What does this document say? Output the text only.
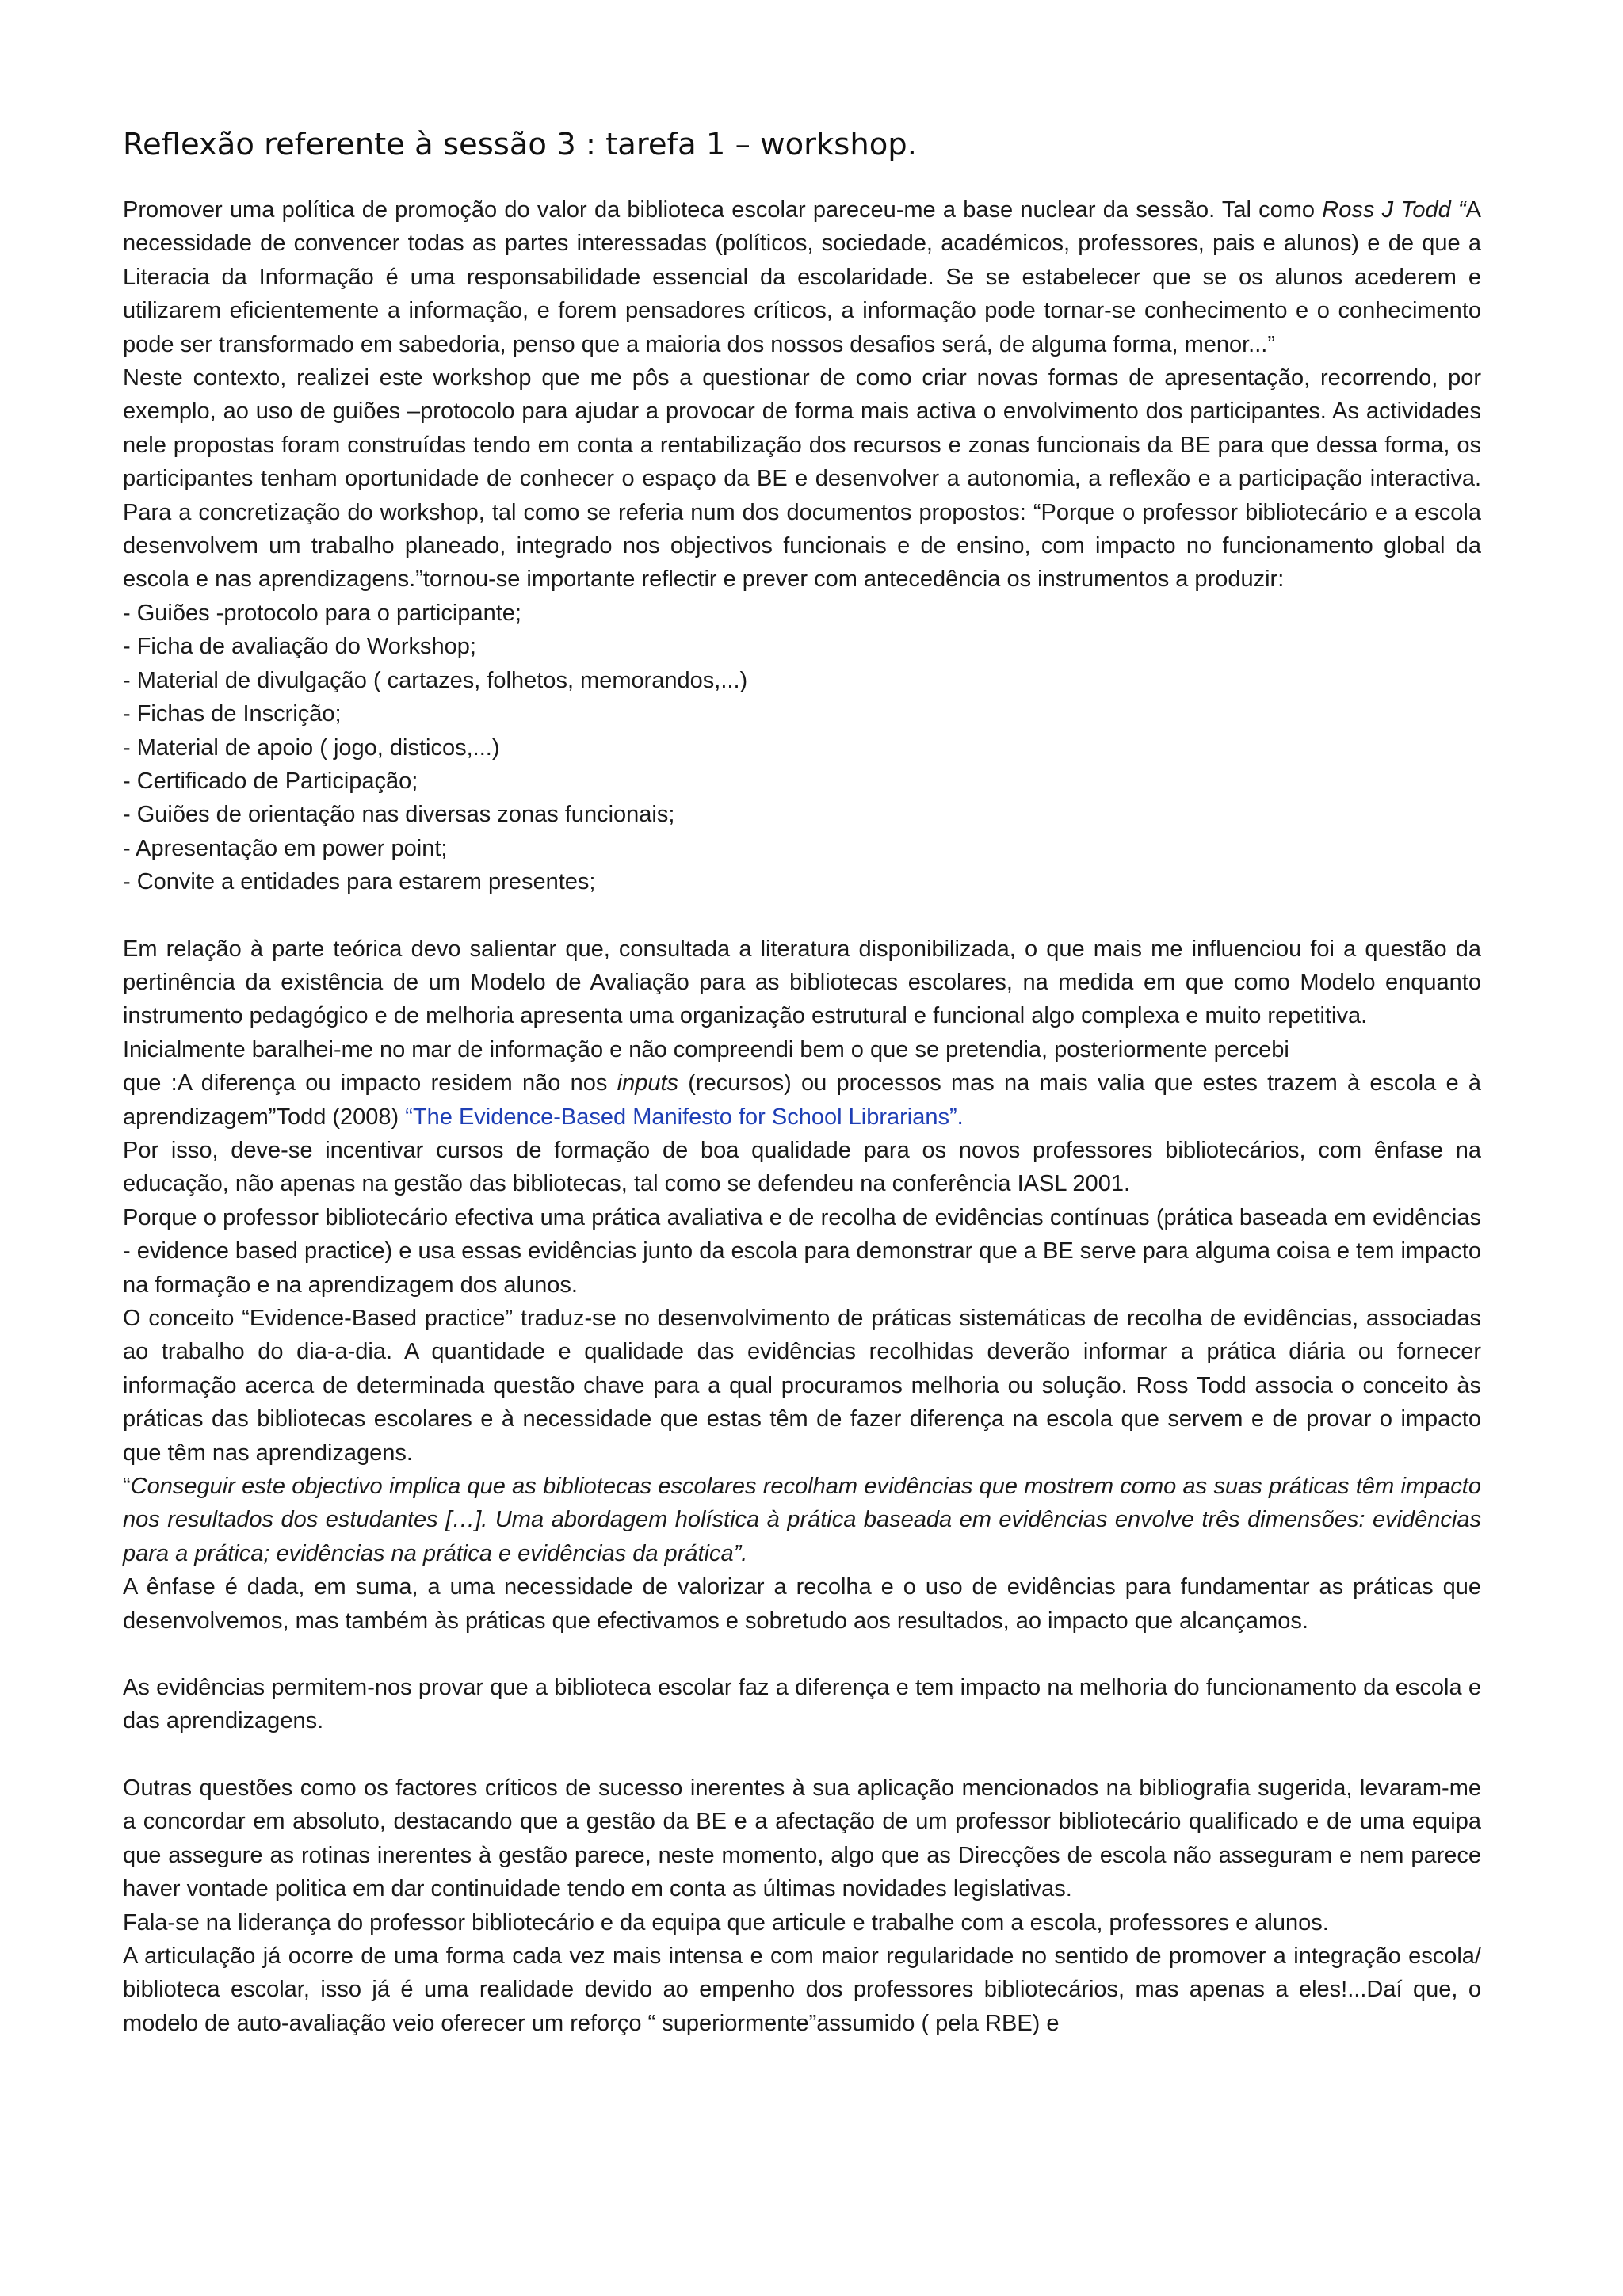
Reflexão referente à sessão 3 : tarefa 1 – workshop.

Promover uma política de promoção do valor da biblioteca escolar pareceu-me a base nuclear da sessão. Tal como Ross J Todd “A necessidade de convencer todas as partes interessadas (políticos, sociedade, académicos, professores, pais e alunos) e de que a Literacia da Informação é uma responsabilidade essencial da escolaridade. Se se estabelecer que se os alunos acederem e utilizarem eficientemente a informação, e forem pensadores críticos, a informação pode tornar-se conhecimento e o conhecimento pode ser transformado em sabedoria, penso que a maioria dos nossos desafios será, de alguma forma, menor...”

Neste contexto, realizei este workshop que me pôs a questionar de como criar novas formas de apresentação, recorrendo, por exemplo, ao uso de guiões –protocolo para ajudar a provocar de forma mais activa o envolvimento dos participantes. As actividades nele propostas foram construídas tendo em conta a rentabilização dos recursos e zonas funcionais da BE para que dessa forma, os participantes tenham oportunidade de conhecer o espaço da BE e desenvolver a autonomia, a reflexão e a participação interactiva. Para a concretização do workshop, tal como se referia num dos documentos propostos: “Porque o professor bibliotecário e a escola desenvolvem um trabalho planeado, integrado nos objectivos funcionais e de ensino, com impacto no funcionamento global da escola e nas aprendizagens.”tornou-se importante reflectir e prever com antecedência os instrumentos a produzir:

- Guiões -protocolo para o participante;
- Ficha de avaliação do Workshop;
- Material de divulgação ( cartazes, folhetos, memorandos,...)
- Fichas de Inscrição;
- Material de apoio ( jogo, disticos,...)
- Certificado de Participação;
- Guiões de orientação nas diversas zonas funcionais;
- Apresentação em power point;
- Convite a entidades para estarem presentes;

Em relação à parte teórica devo salientar que, consultada a literatura disponibilizada, o que mais me influenciou foi a questão da pertinência da existência de um Modelo de Avaliação para as bibliotecas escolares, na medida em que como Modelo enquanto instrumento pedagógico e de melhoria apresenta uma organização estrutural e funcional algo complexa e muito repetitiva.

Inicialmente baralhei-me no mar de informação e não compreendi bem o que se pretendia, posteriormente percebi

que :A diferença ou impacto residem não nos inputs (recursos) ou processos mas na mais valia que estes trazem à escola e à aprendizagem”Todd (2008) “The Evidence-Based Manifesto for School Librarians”.

Por isso, deve-se incentivar cursos de formação de boa qualidade para os novos professores bibliotecários, com ênfase na educação, não apenas na gestão das bibliotecas, tal como se defendeu na conferência IASL 2001.

Porque o professor bibliotecário efectiva uma prática avaliativa e de recolha de evidências contínuas (prática baseada em evidências - evidence based practice) e usa essas evidências junto da escola para demonstrar que a BE serve para alguma coisa e tem impacto na formação e na aprendizagem dos alunos.

O conceito “Evidence-Based practice” traduz-se no desenvolvimento de práticas sistemáticas de recolha de evidências, associadas ao trabalho do dia-a-dia. A quantidade e qualidade das evidências recolhidas deverão informar a prática diária ou fornecer informação acerca de determinada questão chave para a qual procuramos melhoria ou solução. Ross Todd associa o conceito às práticas das bibliotecas escolares e à necessidade que estas têm de fazer diferença na escola que servem e de provar o impacto que têm nas aprendizagens.

“Conseguir este objectivo implica que as bibliotecas escolares recolham evidências que mostrem como as suas práticas têm impacto nos resultados dos estudantes […]. Uma abordagem holística à prática baseada em evidências envolve três dimensões: evidências para a prática; evidências na prática e evidências da prática”.

A ênfase é dada, em suma, a uma necessidade de valorizar a recolha e o uso de evidências para fundamentar as práticas que desenvolvemos, mas também às práticas que efectivamos e sobretudo aos resultados, ao impacto que alcançamos.

As evidências permitem-nos provar que a biblioteca escolar faz a diferença e tem impacto na melhoria do funcionamento da escola e das aprendizagens.

Outras questões como os factores críticos de sucesso inerentes à sua aplicação mencionados na bibliografia sugerida, levaram-me a concordar em absoluto, destacando que a gestão da BE e a afectação de um professor bibliotecário qualificado e de uma equipa que assegure as rotinas inerentes à gestão parece, neste momento, algo que as Direcções de escola não asseguram e nem parece haver vontade politica em dar continuidade tendo em conta as últimas novidades legislativas.

Fala-se na liderança do professor bibliotecário e da equipa que articule e trabalhe com a escola, professores e alunos.

A articulação já ocorre de uma forma cada vez mais intensa e com maior regularidade no sentido de promover a integração escola/ biblioteca escolar, isso já é uma realidade devido ao empenho dos professores bibliotecários, mas apenas a eles!...Daí que, o modelo de auto-avaliação veio oferecer um reforço “ superiormente”assumido ( pela RBE) e
